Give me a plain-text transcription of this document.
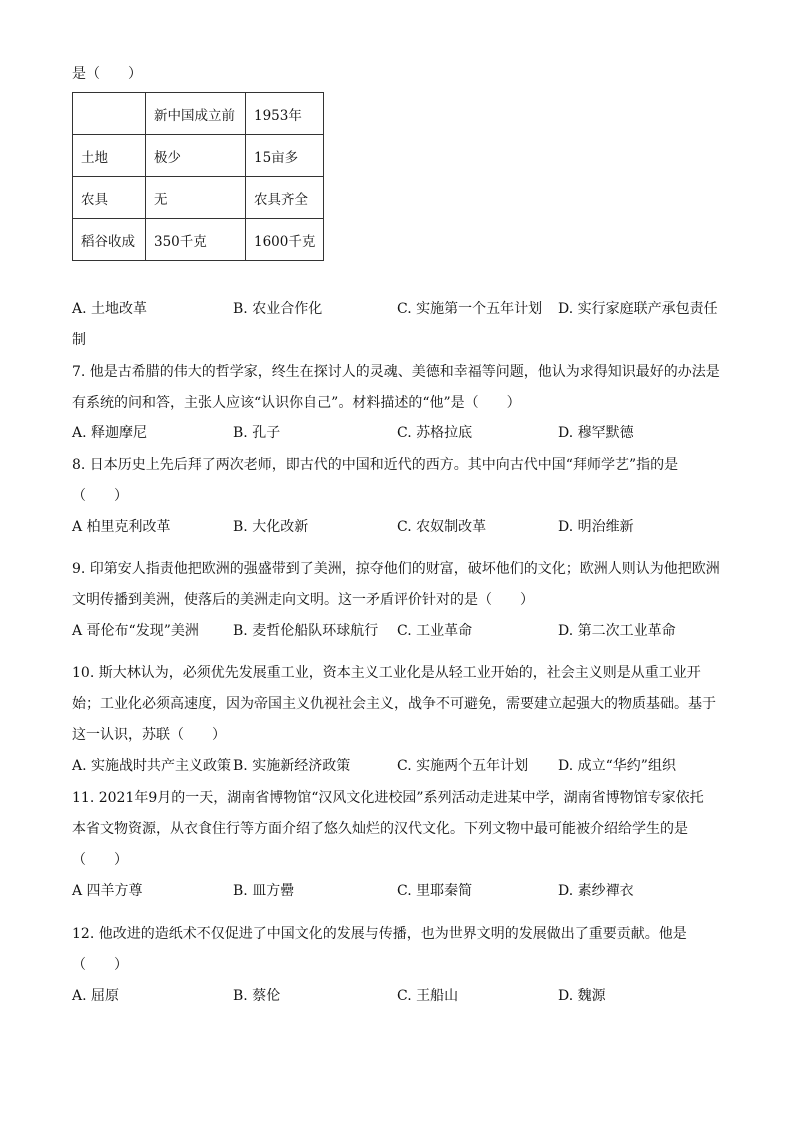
是（　　）
	新中国成立前	1953年
土地	极少	15亩多
农具	无	农具齐全
稻谷收成	350千克	1600千克
A. 土地改革	B. 农业合作化	C. 实施第一个五年计划 D. 实行家庭联产承包责任
制
7. 他是古希腊的伟大的哲学家，终生在探讨人的灵魂、美德和幸福等问题，他认为求得知识最好的办法是
有系统的问和答，主张人应该“认识你自己”。材料描述的“他”是（　　）
A. 释迦摩尼	B. 孔子	C. 苏格拉底	D. 穆罕默德
8. 日本历史上先后拜了两次老师，即古代的中国和近代的西方。其中向古代中国“拜师学艺”指的是
（　　）
A 柏里克利改革	B. 大化改新	C. 农奴制改革	D. 明治维新
9. 印第安人指责他把欧洲的强盛带到了美洲，掠夺他们的财富，破坏他们的文化；欧洲人则认为他把欧洲
文明传播到美洲，使落后的美洲走向文明。这一矛盾评价针对的是（　　）
A 哥伦布“发现”美洲 B. 麦哲伦船队环球航行 C. 工业革命	D. 第二次工业革命
10. 斯大林认为，必须优先发展重工业，资本主义工业化是从轻工业开始的，社会主义则是从重工业开
始；工业化必须高速度，因为帝国主义仇视社会主义，战争不可避免，需要建立起强大的物质基础。基于
这一认识，苏联（　　）
A. 实施战时共产主义政策 B. 实施新经济政策	C. 实施两个五年计划 D. 成立“华约”组织
11. 2021年9月的一天，湖南省博物馆“汉风文化进校园”系列活动走进某中学，湖南省博物馆专家依托
本省文物资源，从衣食住行等方面介绍了悠久灿烂的汉代文化。下列文物中最可能被介绍给学生的是
（　　）
A 四羊方尊	B. 皿方罍	C. 里耶秦简	D. 素纱襌衣
12. 他改进的造纸术不仅促进了中国文化的发展与传播，也为世界文明的发展做出了重要贡献。他是
（　　）
A. 屈原	B. 蔡伦	C. 王船山	D. 魏源
